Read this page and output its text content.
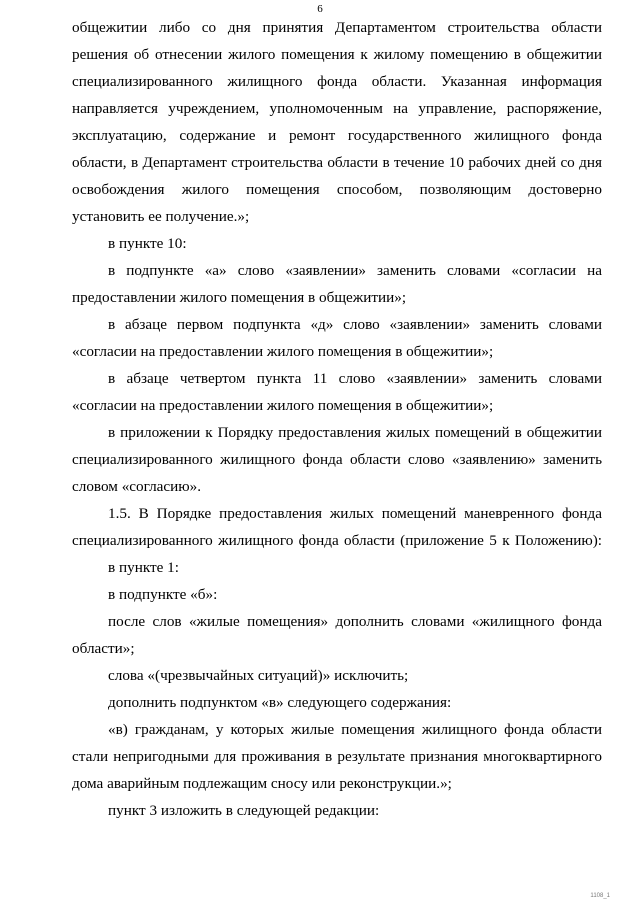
6
общежитии либо со дня принятия Департаментом строительства области
решения об отнесении жилого помещения к жилому помещению в общежитии
специализированного жилищного фонда области. Указанная информация
направляется учреждением, уполномоченным на управление, распоряжение,
эксплуатацию, содержание и ремонт государственного жилищного фонда
области, в Департамент строительства области в течение 10 рабочих дней со дня
освобождения жилого помещения способом, позволяющим достоверно
установить ее получение.»;
в пункте 10:
в подпункте «а» слово «заявлении» заменить словами «согласии на
предоставлении жилого помещения в общежитии»;
в абзаце первом подпункта «д» слово «заявлении» заменить словами
«согласии на предоставлении жилого помещения в общежитии»;
в абзаце четвертом пункта 11 слово «заявлении» заменить словами
«согласии на предоставлении жилого помещения в общежитии»;
в приложении к Порядку предоставления жилых помещений в общежитии
специализированного жилищного фонда области слово «заявлению» заменить
словом «согласию».
1.5. В Порядке предоставления жилых помещений маневренного фонда
специализированного жилищного фонда области (приложение 5 к Положению):
в пункте 1:
в подпункте «б»:
после слов «жилые помещения» дополнить словами «жилищного фонда
области»;
слова «(чрезвычайных ситуаций)» исключить;
дополнить подпунктом «в» следующего содержания:
«в) гражданам, у которых жилые помещения жилищного фонда области
стали непригодными для проживания в результате признания многоквартирного
дома аварийным подлежащим сносу или реконструкции.»;
пункт 3 изложить в следующей редакции:
1108_1
